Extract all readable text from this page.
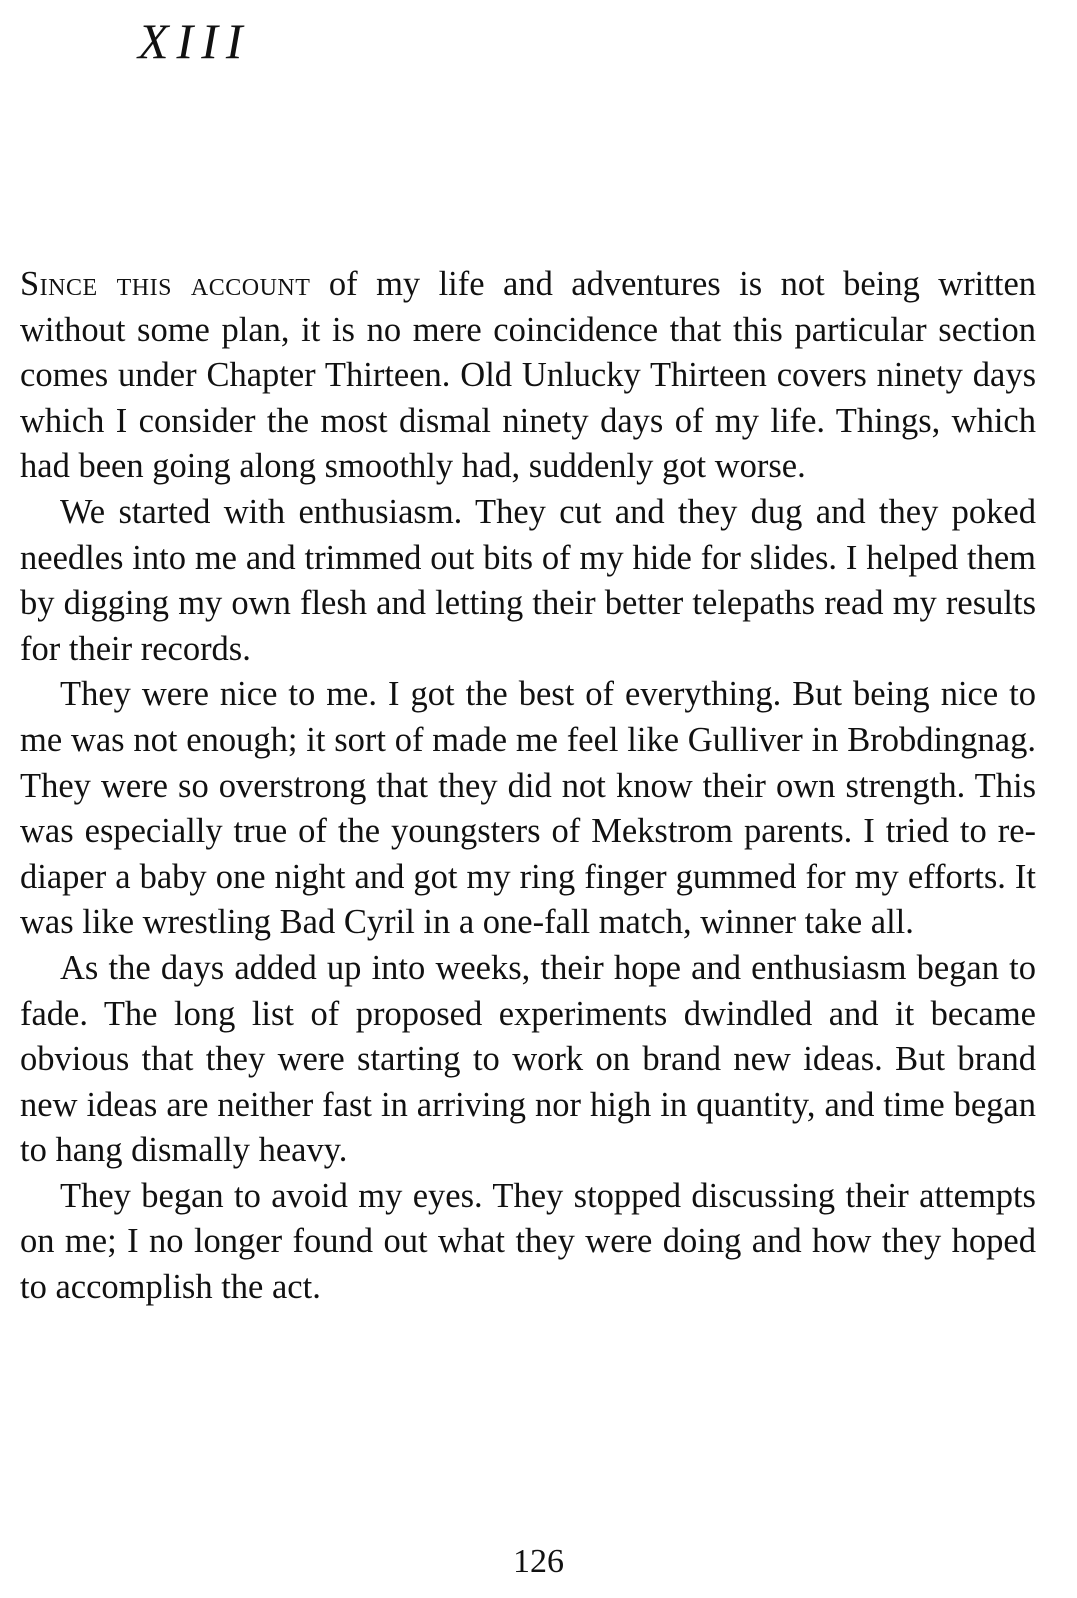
XIII

Since this account of my life and adventures is not being written without some plan, it is no mere coincidence that this particular section comes under Chapter Thirteen. Old Unlucky Thirteen covers ninety days which I consider the most dismal ninety days of my life. Things, which had been going along smoothly had, suddenly got worse.

We started with enthusiasm. They cut and they dug and they poked needles into me and trimmed out bits of my hide for slides. I helped them by digging my own flesh and letting their better telepaths read my results for their records.

They were nice to me. I got the best of everything. But being nice to me was not enough; it sort of made me feel like Gulliver in Brobdingnag. They were so overstrong that they did not know their own strength. This was especially true of the youngsters of Mekstrom parents. I tried to re-diaper a baby one night and got my ring finger gummed for my efforts. It was like wrestling Bad Cyril in a one-fall match, winner take all.

As the days added up into weeks, their hope and enthusiasm began to fade. The long list of proposed experiments dwindled and it became obvious that they were starting to work on brand new ideas. But brand new ideas are neither fast in arriving nor high in quantity, and time began to hang dismally heavy.

They began to avoid my eyes. They stopped discussing their attempts on me; I no longer found out what they were doing and how they hoped to accomplish the act.

126
